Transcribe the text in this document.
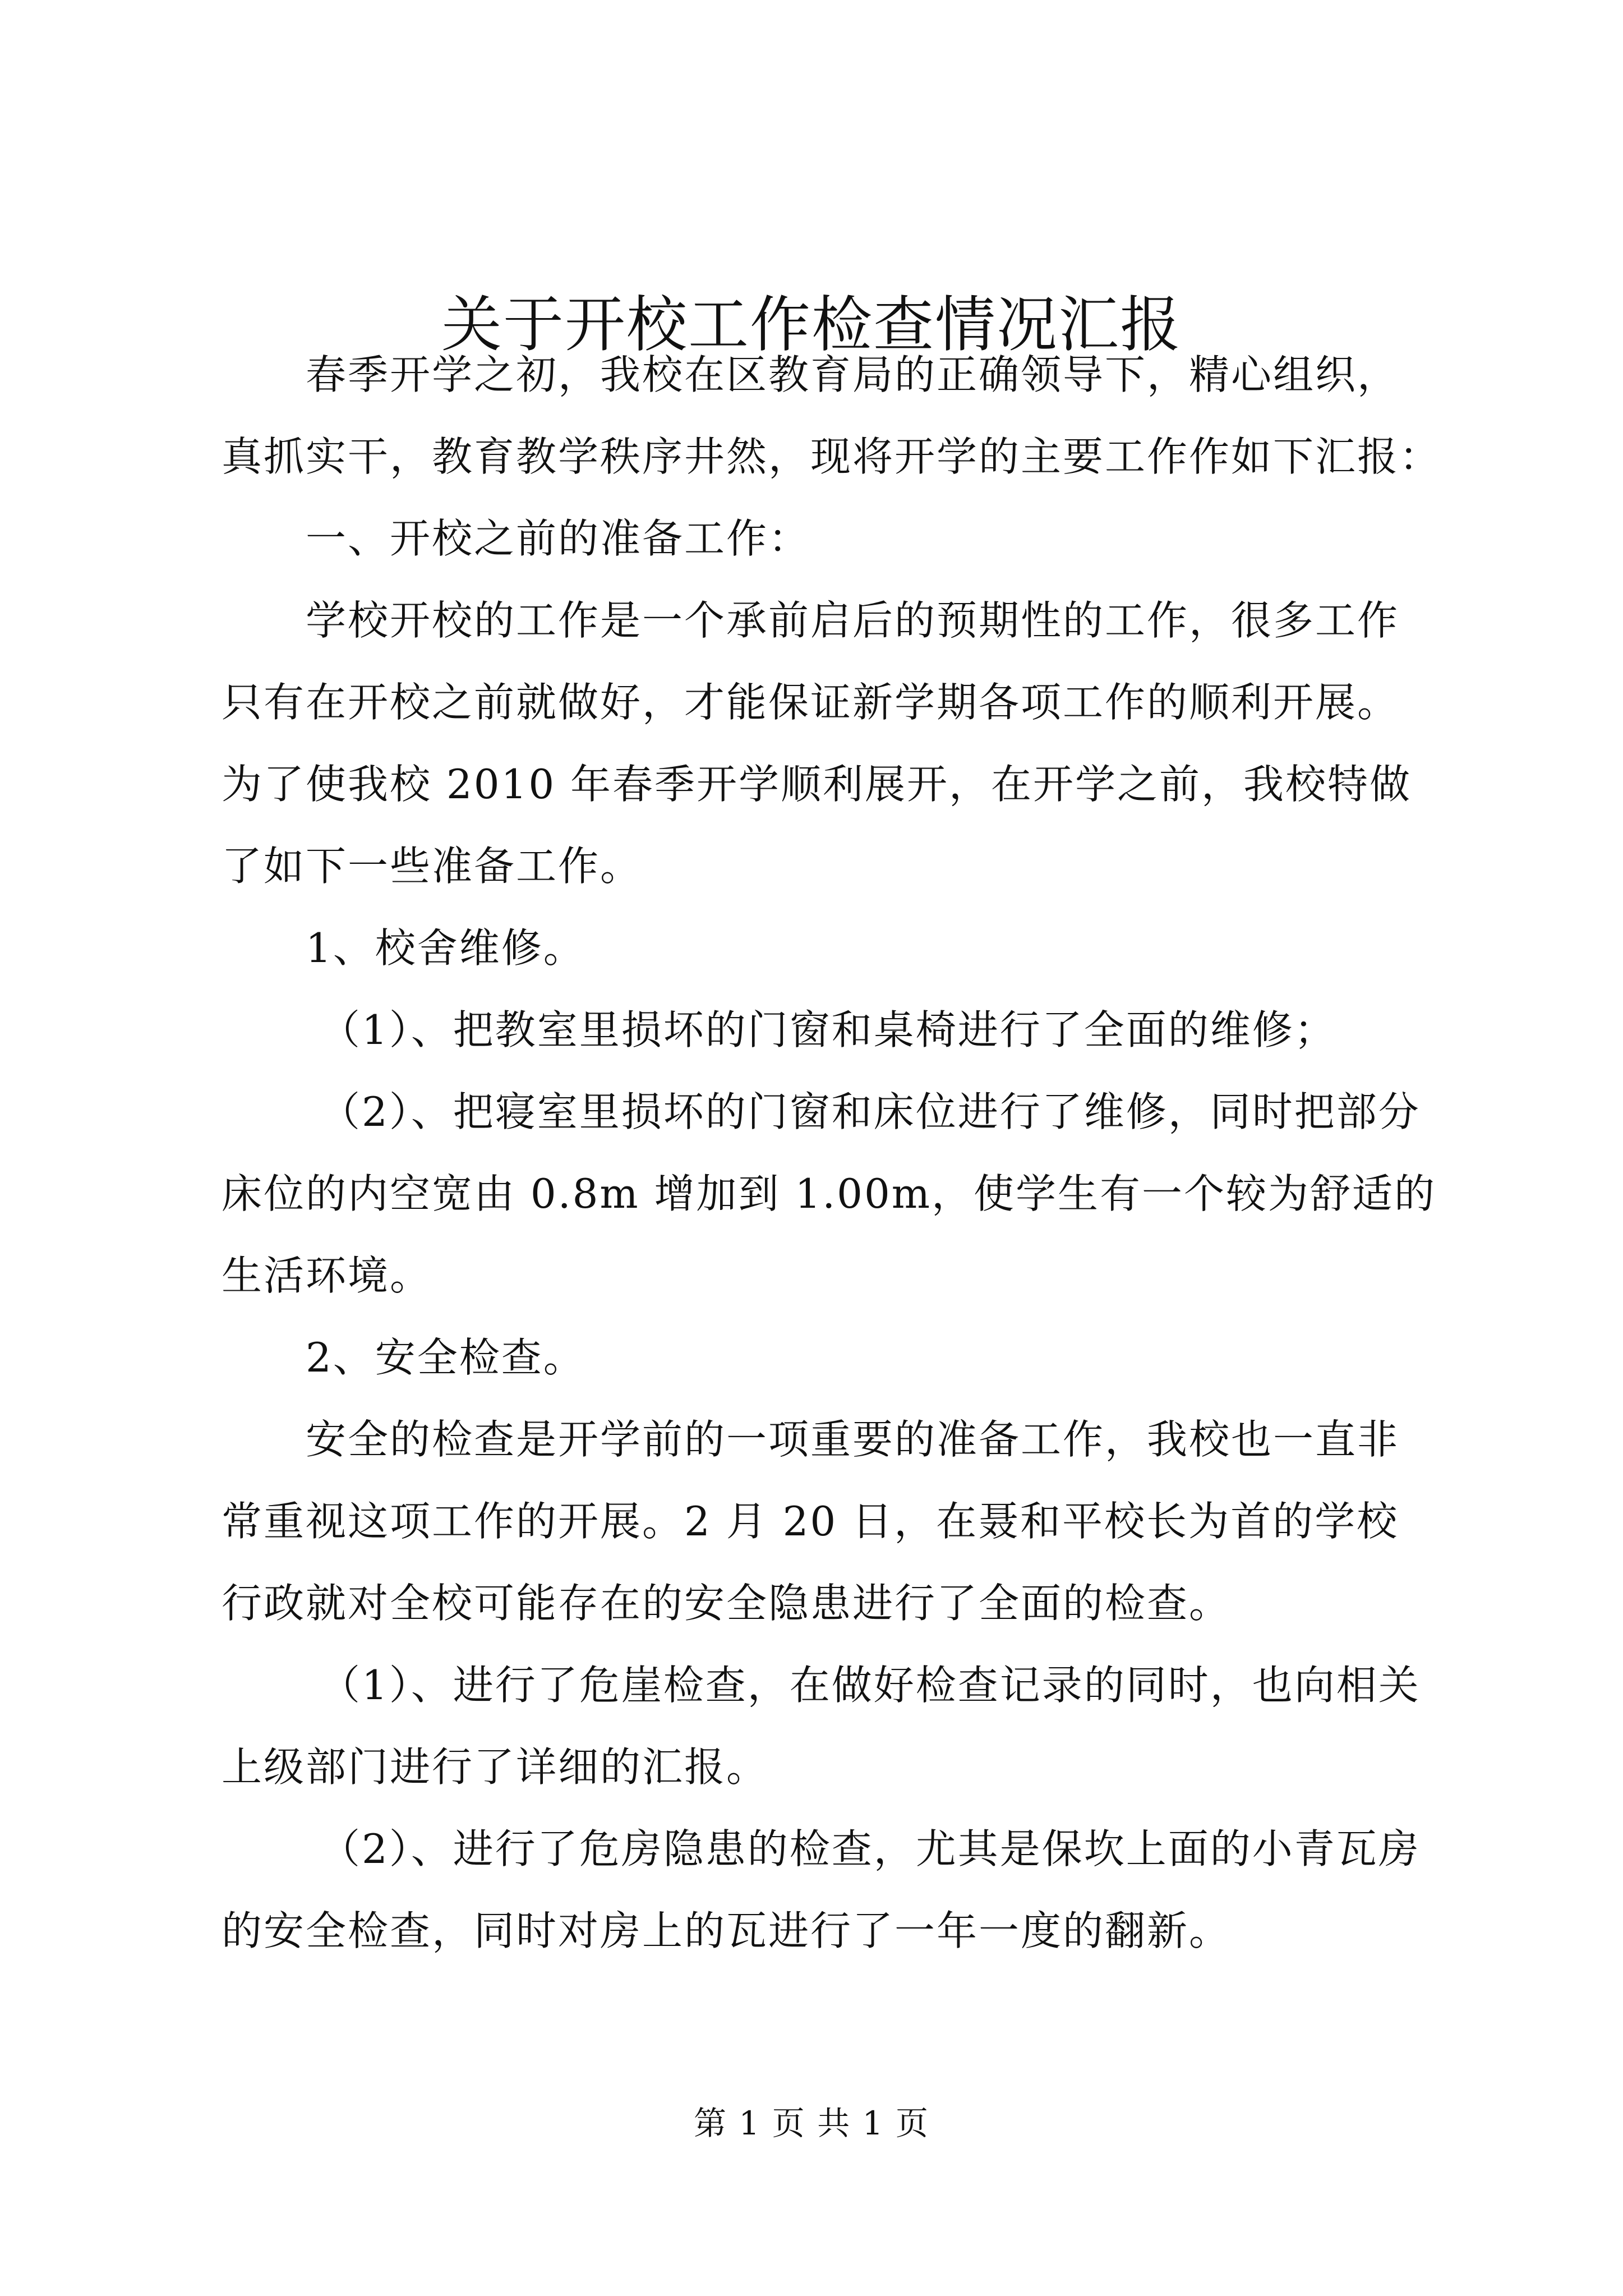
关于开校工作检查情况汇报
春季开学之初，我校在区教育局的正确领导下，精心组织，
真抓实干，教育教学秩序井然，现将开学的主要工作作如下汇报：
一、开校之前的准备工作：
学校开校的工作是一个承前启后的预期性的工作，很多工作
只有在开校之前就做好，才能保证新学期各项工作的顺利开展。
为了使我校 2010 年春季开学顺利展开，在开学之前，我校特做
了如下一些准备工作。
1、校舍维修。
（1）、把教室里损坏的门窗和桌椅进行了全面的维修；
（2）、把寝室里损坏的门窗和床位进行了维修，同时把部分
床位的内空宽由 0.8m 增加到 1.00m，使学生有一个较为舒适的
生活环境。
2、安全检查。
安全的检查是开学前的一项重要的准备工作，我校也一直非
常重视这项工作的开展。2 月 20 日，在聂和平校长为首的学校
行政就对全校可能存在的安全隐患进行了全面的检查。
（1）、进行了危崖检查，在做好检查记录的同时，也向相关
上级部门进行了详细的汇报。
（2）、进行了危房隐患的检查，尤其是保坎上面的小青瓦房
的安全检查，同时对房上的瓦进行了一年一度的翻新。
第 1 页 共 1 页
